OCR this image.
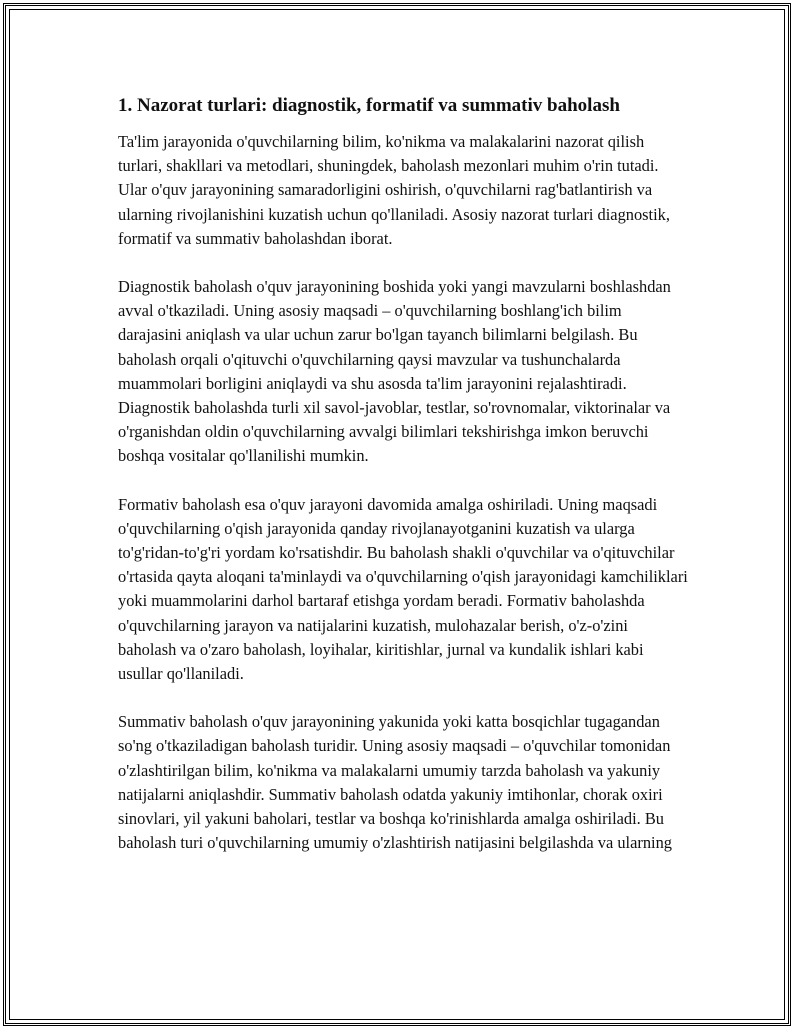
1. Nazorat turlari: diagnostik, formatif va summativ baholash

Ta'lim jarayonida o'quvchilarning bilim, ko'nikma va malakalarini nazorat qilish turlari, shakllari va metodlari, shuningdek, baholash mezonlari muhim o'rin tutadi. Ular o'quv jarayonining samaradorligini oshirish, o'quvchilarni rag'batlantirish va ularning rivojlanishini kuzatish uchun qo'llaniladi. Asosiy nazorat turlari diagnostik, formatif va summativ baholashdan iborat.

Diagnostik baholash o'quv jarayonining boshida yoki yangi mavzularni boshlashdan avval o'tkaziladi. Uning asosiy maqsadi – o'quvchilarning boshlang'ich bilim darajasini aniqlash va ular uchun zarur bo'lgan tayanch bilimlarni belgilash. Bu baholash orqali o'qituvchi o'quvchilarning qaysi mavzular va tushunchalarda muammolari borligini aniqlaydi va shu asosda ta'lim jarayonini rejalashtiradi. Diagnostik baholashda turli xil savol-javoblar, testlar, so'rovnomalar, viktorinalar va o'rganishdan oldin o'quvchilarning avvalgi bilimlari tekshirishga imkon beruvchi boshqa vositalar qo'llanilishi mumkin.

Formativ baholash esa o'quv jarayoni davomida amalga oshiriladi. Uning maqsadi o'quvchilarning o'qish jarayonida qanday rivojlanayotganini kuzatish va ularga to'g'ridan-to'g'ri yordam ko'rsatishdir. Bu baholash shakli o'quvchilar va o'qituvchilar o'rtasida qayta aloqani ta'minlaydi va o'quvchilarning o'qish jarayonidagi kamchiliklari yoki muammolarini darhol bartaraf etishga yordam beradi. Formativ baholashda o'quvchilarning jarayon va natijalarini kuzatish, mulohazalar berish, o'z-o'zini baholash va o'zaro baholash, loyihalar, kiritishlar, jurnal va kundalik ishlari kabi usullar qo'llaniladi.

Summativ baholash o'quv jarayonining yakunida yoki katta bosqichlar tugagandan so'ng o'tkaziladigan baholash turidir. Uning asosiy maqsadi – o'quvchilar tomonidan o'zlashtirilgan bilim, ko'nikma va malakalarni umumiy tarzda baholash va yakuniy natijalarni aniqlashdir. Summativ baholash odatda yakuniy imtihonlar, chorak oxiri sinovlari, yil yakuni baholari, testlar va boshqa ko'rinishlarda amalga oshiriladi. Bu baholash turi o'quvchilarning umumiy o'zlashtirish natijasini belgilashda va ularning
